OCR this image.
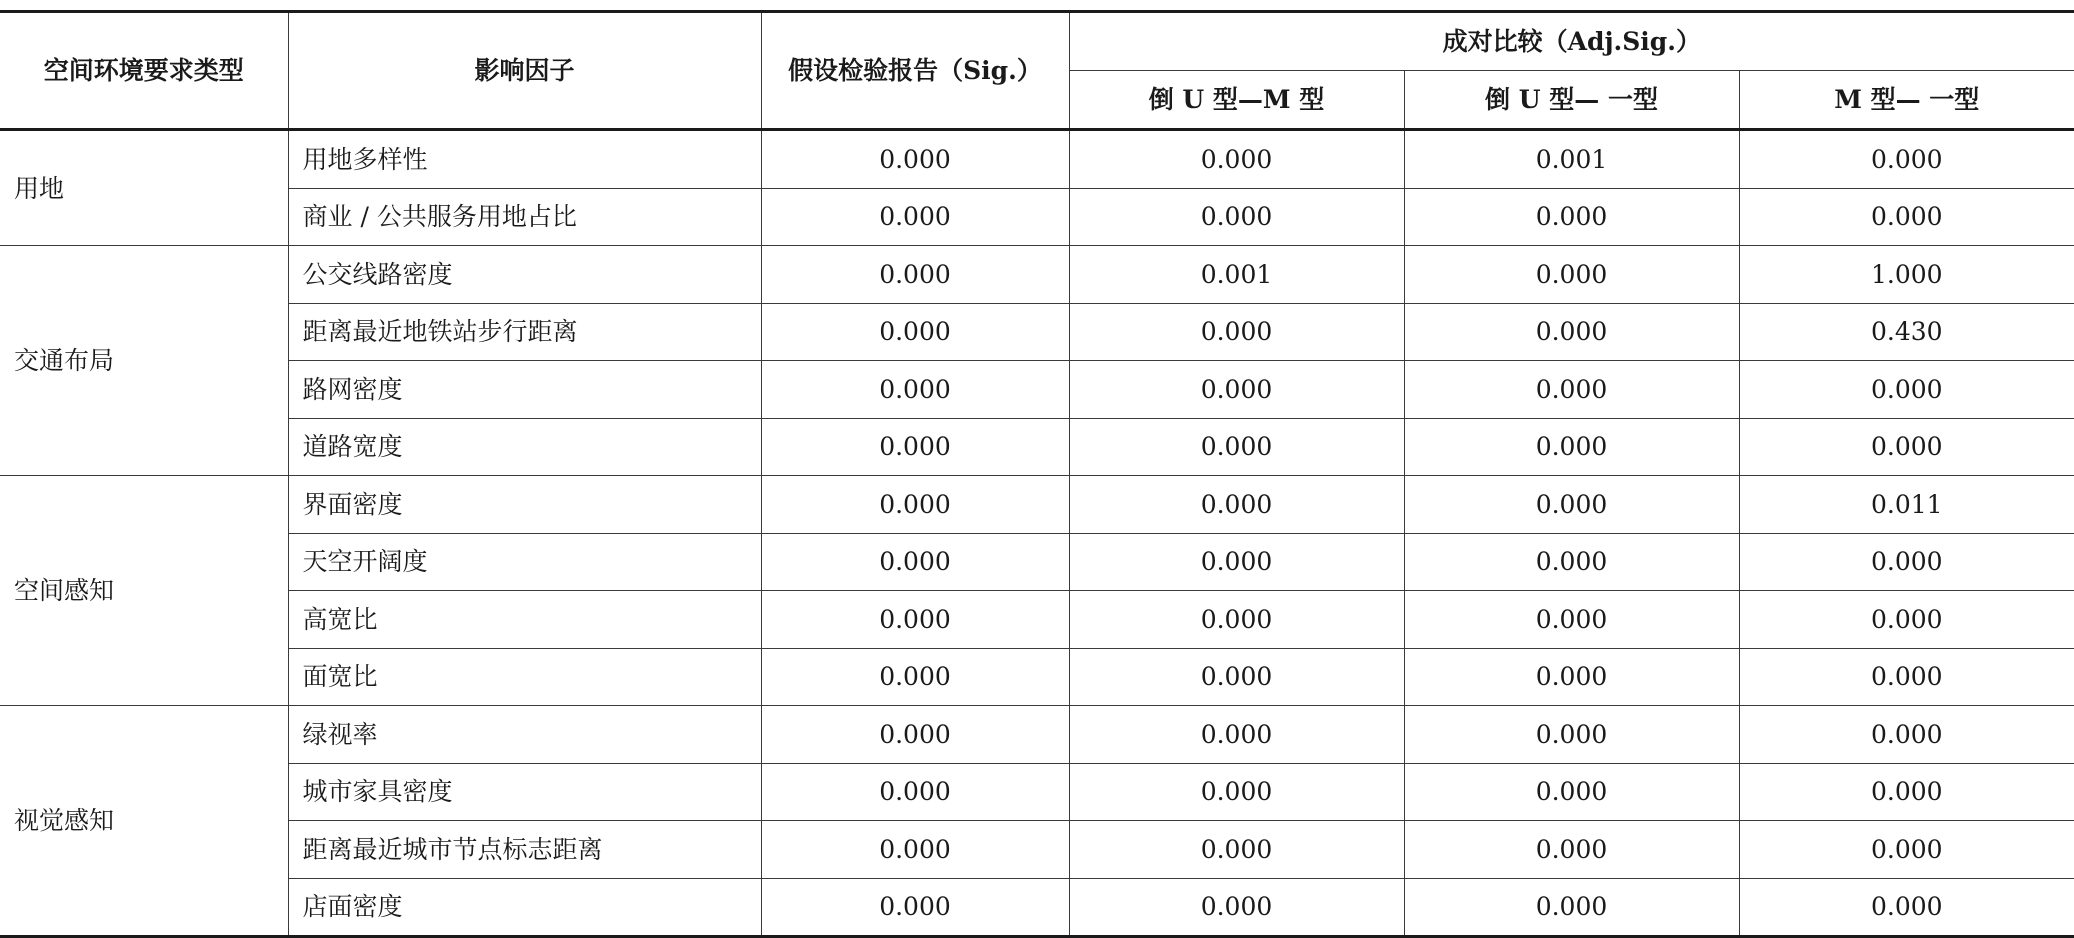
空间环境要求类型	影响因子	假设检验报告（Sig.）	成对比较（Adj.Sig.）		
			倒 U 型—M 型	倒 U 型— 一型	M 型— 一型
用地	用地多样性	0.000	0.000	0.001	0.000
	商业 / 公共服务用地占比	0.000	0.000	0.000	0.000
交通布局	公交线路密度	0.000	0.001	0.000	1.000
	距离最近地铁站步行距离	0.000	0.000	0.000	0.430
	路网密度	0.000	0.000	0.000	0.000
	道路宽度	0.000	0.000	0.000	0.000
空间感知	界面密度	0.000	0.000	0.000	0.011
	天空开阔度	0.000	0.000	0.000	0.000
	高宽比	0.000	0.000	0.000	0.000
	面宽比	0.000	0.000	0.000	0.000
视觉感知	绿视率	0.000	0.000	0.000	0.000
	城市家具密度	0.000	0.000	0.000	0.000
	距离最近城市节点标志距离	0.000	0.000	0.000	0.000
	店面密度	0.000	0.000	0.000	0.000
